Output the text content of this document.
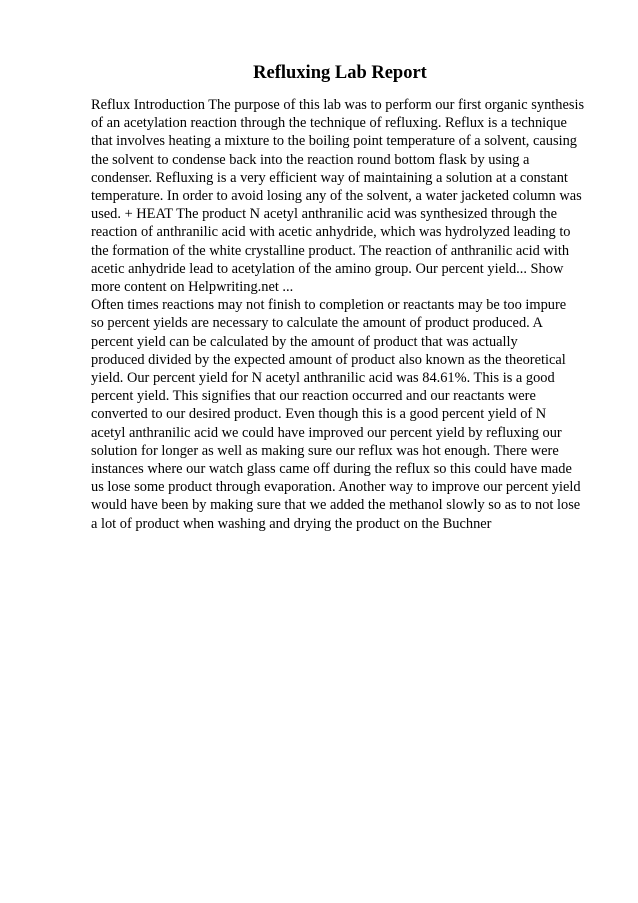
Refluxing Lab Report
Reflux Introduction The purpose of this lab was to perform our first organic synthesis
of an acetylation reaction through the technique of refluxing. Reflux is a technique
that involves heating a mixture to the boiling point temperature of a solvent, causing
the solvent to condense back into the reaction round bottom flask by using a
condenser. Refluxing is a very efficient way of maintaining a solution at a constant
temperature. In order to avoid losing any of the solvent, a water jacketed column was
used. + HEAT The product N acetyl anthranilic acid was synthesized through the
reaction of anthranilic acid with acetic anhydride, which was hydrolyzed leading to
the formation of the white crystalline product. The reaction of anthranilic acid with
acetic anhydride lead to acetylation of the amino group. Our percent yield... Show
more content on Helpwriting.net ...
Often times reactions may not finish to completion or reactants may be too impure
so percent yields are necessary to calculate the amount of product produced. A
percent yield can be calculated by the amount of product that was actually
produced divided by the expected amount of product also known as the theoretical
yield. Our percent yield for N acetyl anthranilic acid was 84.61%. This is a good
percent yield. This signifies that our reaction occurred and our reactants were
converted to our desired product. Even though this is a good percent yield of N
acetyl anthranilic acid we could have improved our percent yield by refluxing our
solution for longer as well as making sure our reflux was hot enough. There were
instances where our watch glass came off during the reflux so this could have made
us lose some product through evaporation. Another way to improve our percent yield
would have been by making sure that we added the methanol slowly so as to not lose
a lot of product when washing and drying the product on the Buchner
